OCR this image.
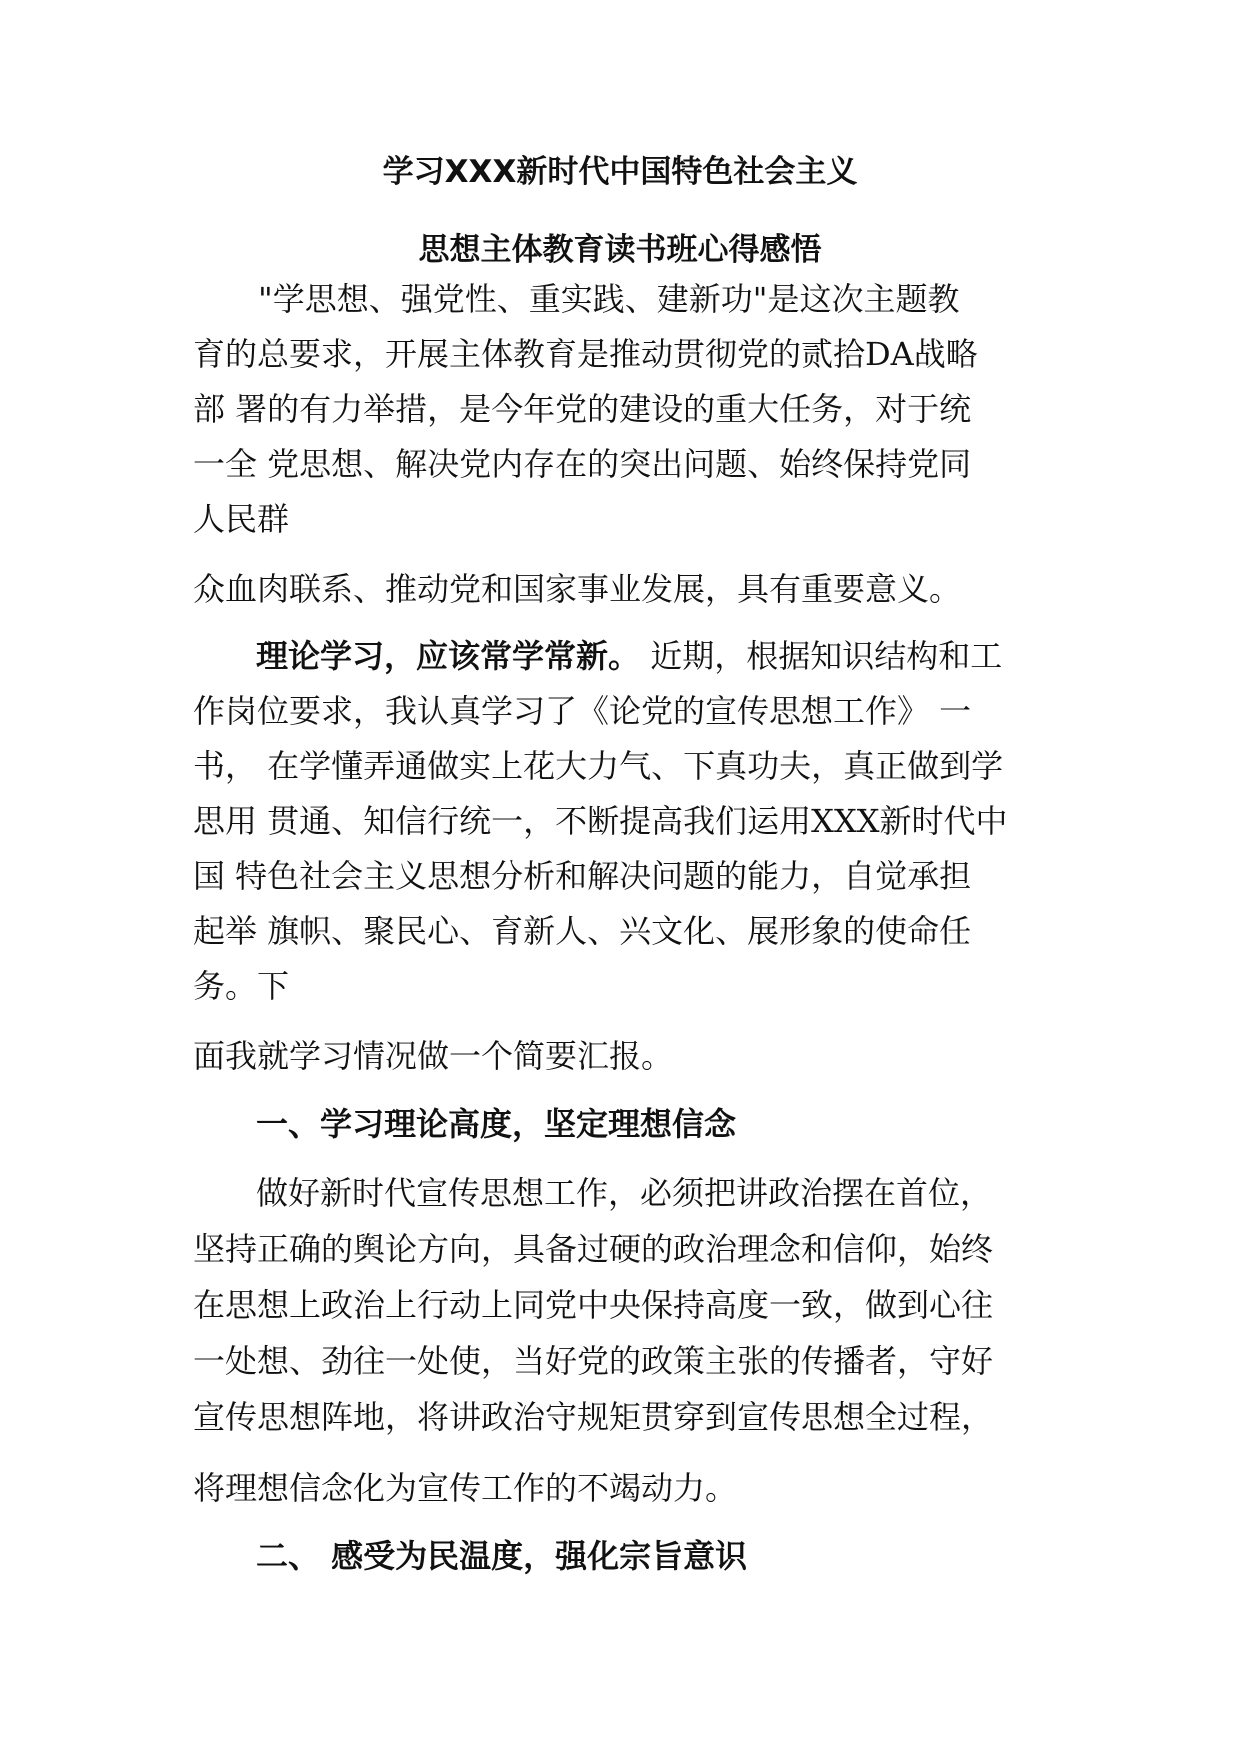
学习XXX新时代中国特色社会主义
思想主体教育读书班心得感悟
"学思想、强党性、重实践、建新功"是这次主题教
育的总要求，开展主体教育是推动贯彻党的贰拾DA战略
部 署的有力举措，是今年党的建设的重大任务，对于统
一全 党思想、解决党内存在的突出问题、始终保持党同
人民群
众血肉联系、推动党和国家事业发展，具有重要意义。
理论学习，应该常学常新。 近期，根据知识结构和工
作岗位要求，我认真学习了《论党的宣传思想工作》 一
书， 在学懂弄通做实上花大力气、下真功夫，真正做到学
思用 贯通、知信行统一，不断提高我们运用XXX新时代中
国 特色社会主义思想分析和解决问题的能力，自觉承担
起举 旗帜、聚民心、育新人、兴文化、展形象的使命任
务。下
面我就学习情况做一个简要汇报。
一、学习理论高度，坚定理想信念
做好新时代宣传思想工作，必须把讲政治摆在首位，
坚持正确的舆论方向，具备过硬的政治理念和信仰，始终
在思想上政治上行动上同党中央保持高度一致，做到心往
一处想、劲往一处使，当好党的政策主张的传播者，守好
宣传思想阵地，将讲政治守规矩贯穿到宣传思想全过程，
将理想信念化为宣传工作的不竭动力。
二、 感受为民温度，强化宗旨意识
